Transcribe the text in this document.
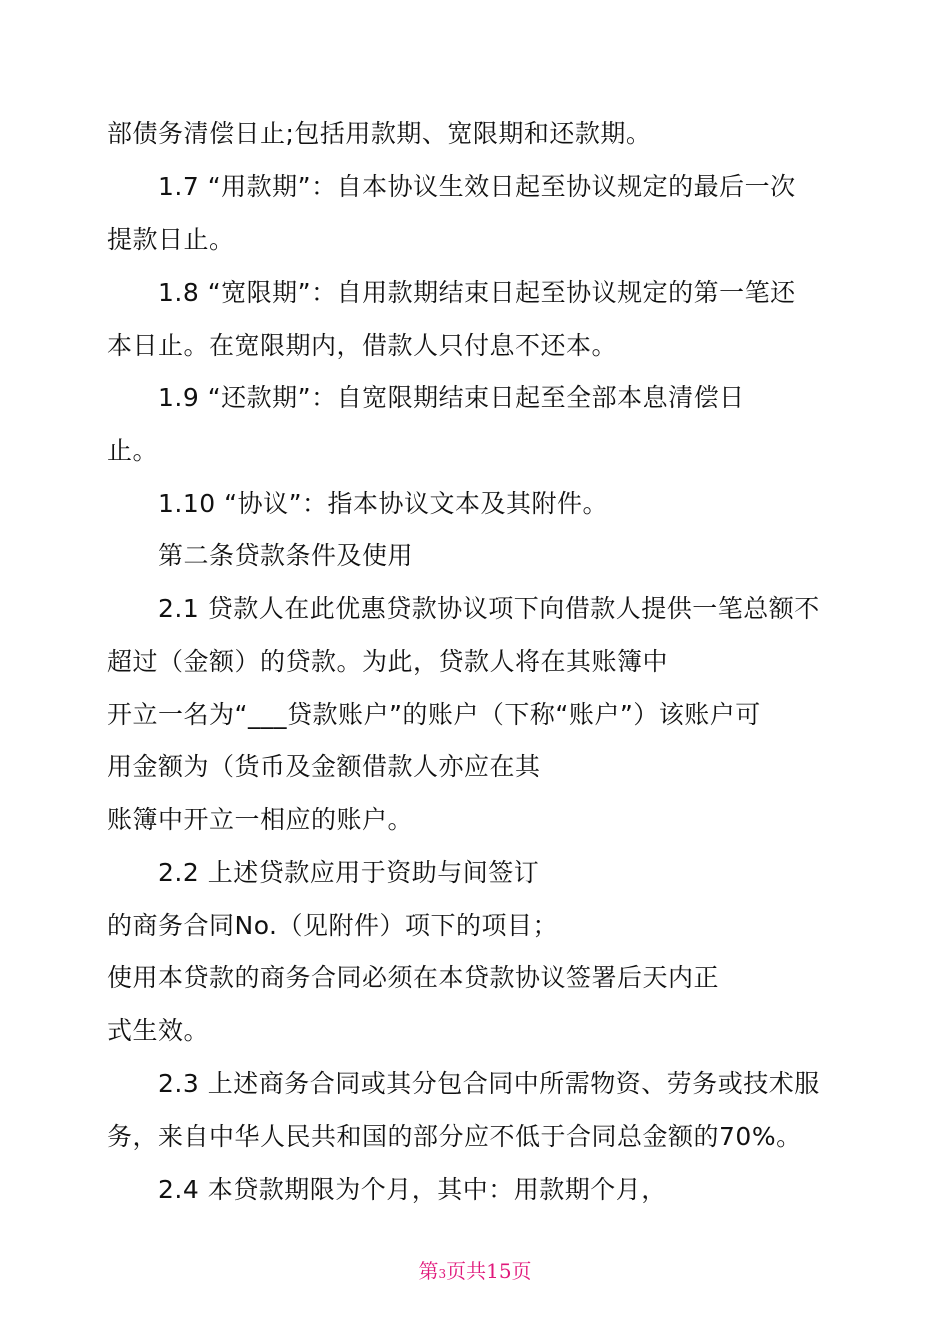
部债务清偿日止;包括用款期、宽限期和还款期。
1.7 “用款期”：自本协议生效日起至协议规定的最后一次
提款日止。
1.8 “宽限期”：自用款期结束日起至协议规定的第一笔还
本日止。在宽限期内，借款人只付息不还本。
1.9 “还款期”：自宽限期结束日起至全部本息清偿日
止。
1.10 “协议”：指本协议文本及其附件。
第二条贷款条件及使用
2.1 贷款人在此优惠贷款协议项下向借款人提供一笔总额不
超过（金额）的贷款。为此，贷款人将在其账簿中
开立一名为“___贷款账户”的账户（下称“账户”）该账户可
用金额为（货币及金额借款人亦应在其
账簿中开立一相应的账户。
2.2 上述贷款应用于资助与间签订
的商务合同No.（见附件）项下的项目；
使用本贷款的商务合同必须在本贷款协议签署后天内正
式生效。
2.3 上述商务合同或其分包合同中所需物资、劳务或技术服
务，来自中华人民共和国的部分应不低于合同总金额的70%。
2.4 本贷款期限为个月，其中：用款期个月，
第3页共15页
